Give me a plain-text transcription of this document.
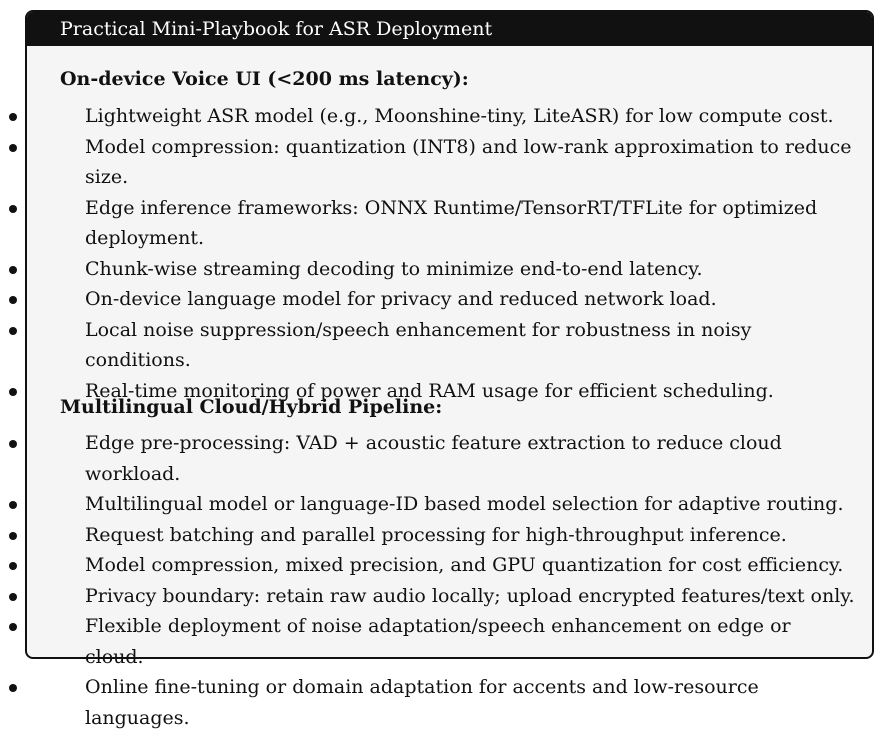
Practical Mini-Playbook for ASR Deployment
On-device Voice UI (<200 ms latency):
Lightweight ASR model (e.g., Moonshine-tiny, LiteASR) for low compute cost.
Model compression: quantization (INT8) and low-rank approximation to reduce size.
Edge inference frameworks: ONNX Runtime/TensorRT/TFLite for optimized deployment.
Chunk-wise streaming decoding to minimize end-to-end latency.
On-device language model for privacy and reduced network load.
Local noise suppression/speech enhancement for robustness in noisy conditions.
Real-time monitoring of power and RAM usage for efficient scheduling.
Multilingual Cloud/Hybrid Pipeline:
Edge pre-processing: VAD + acoustic feature extraction to reduce cloud workload.
Multilingual model or language-ID based model selection for adaptive routing.
Request batching and parallel processing for high-throughput inference.
Model compression, mixed precision, and GPU quantization for cost efficiency.
Privacy boundary: retain raw audio locally; upload encrypted features/text only.
Flexible deployment of noise adaptation/speech enhancement on edge or cloud.
Online fine-tuning or domain adaptation for accents and low-resource languages.
